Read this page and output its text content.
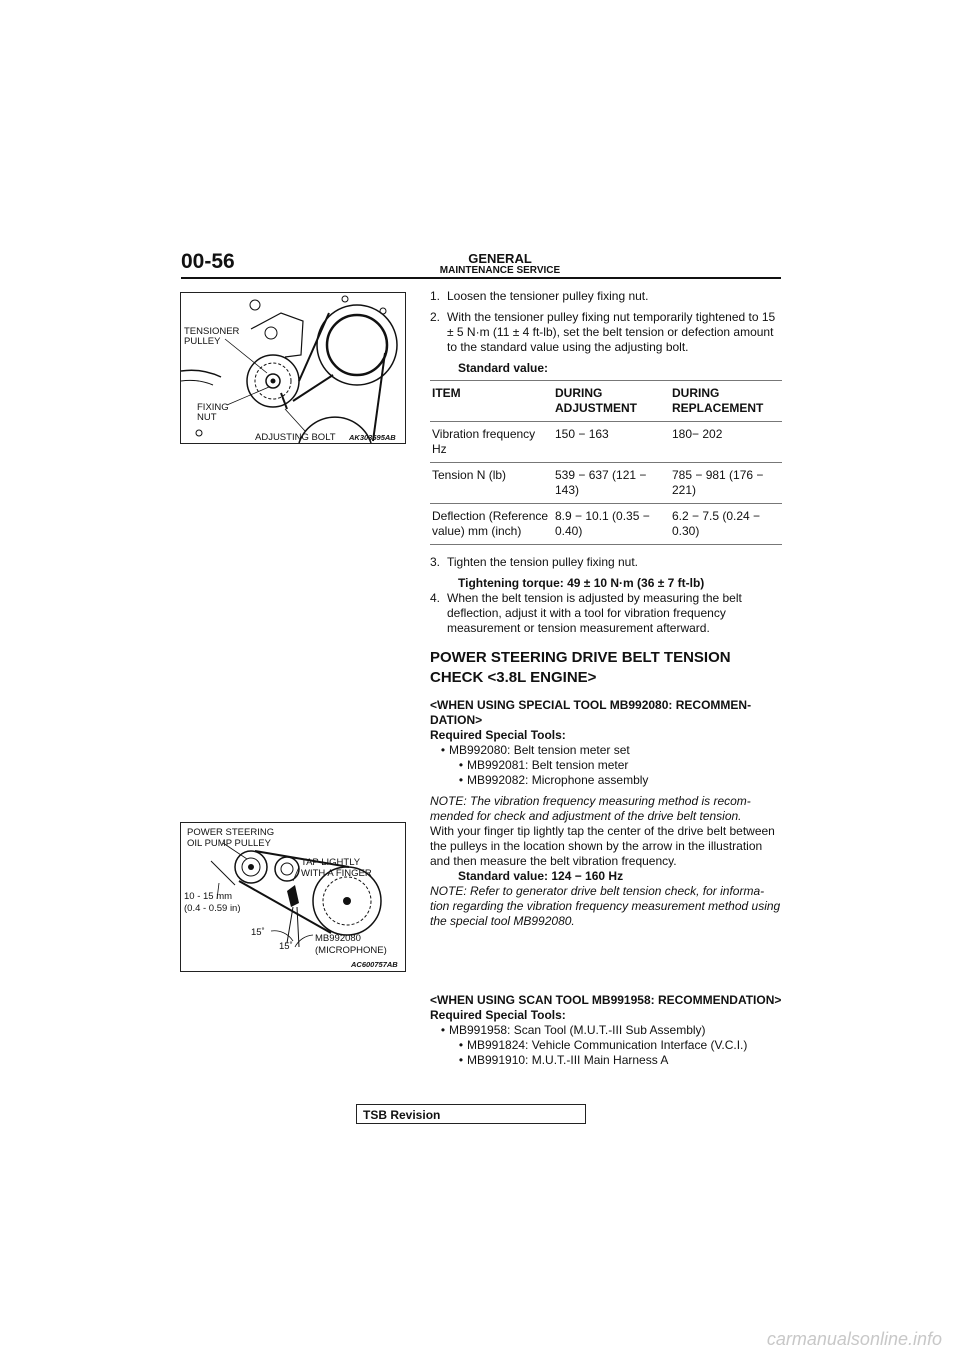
00-56	GENERAL
MAINTENANCE SERVICE
TENSIONER
PULLEY
FIXING
NUT
ADJUSTING BOLT AK303695AB
POWER STEERING
OIL PUMP PULLEY
TAP LIGHTLY
WITH A FINGER
10 - 15 mm
(0.4 - 0.59 in)
15˚
15˚
MB992080
(MICROPHONE)
AC600757AB
1. Loosen the tensioner pulley fixing nut.
2. With the tensioner pulley fixing nut temporarily tightened to 15 ± 5 N·m (11 ± 4 ft-lb), set the belt tension or defection amount to the standard value using the adjusting bolt.

Standard value:

ITEM	DURING ADJUSTMENT	DURING REPLACEMENT
Vibration frequency Hz	150 − 163	180− 202
Tension N (lb)	539 − 637 (121 − 143)	785 − 981 (176 − 221)
Deflection (Reference value) mm (inch)	8.9 − 10.1 (0.35 − 0.40)	6.2 − 7.5 (0.24 − 0.30)
3. Tighten the tension pulley fixing nut.

Tightening torque: 49 ± 10 N·m (36 ± 7 ft-lb)

4. When the belt tension is adjusted by measuring the belt deflection, adjust it with a tool for vibration frequency measurement or tension measurement afterward.
POWER STEERING DRIVE BELT TENSION CHECK <3.8L ENGINE>

<WHEN USING SPECIAL TOOL MB992080: RECOMMEN-DATION>

Required Special Tools:

• MB992080: Belt tension meter set
• MB992081: Belt tension meter
• MB992082: Microphone assembly

NOTE: The vibration frequency measuring method is recom-mended for check and adjustment of the drive belt tension.

With your finger tip lightly tap the center of the drive belt between the pulleys in the location shown by the arrow in the illustration and then measure the belt vibration frequency.

Standard value: 124 − 160 Hz

NOTE: Refer to generator drive belt tension check, for informa-tion regarding the vibration frequency measurement method using the special tool MB992080.

<WHEN USING SCAN TOOL MB991958: RECOMMENDATION>

Required Special Tools:

• MB991958: Scan Tool (M.U.T.-III Sub Assembly)
• MB991824: Vehicle Communication Interface (V.C.I.)
• MB991910: M.U.T.-III Main Harness A
TSB Revision
carmanualsonline.info
